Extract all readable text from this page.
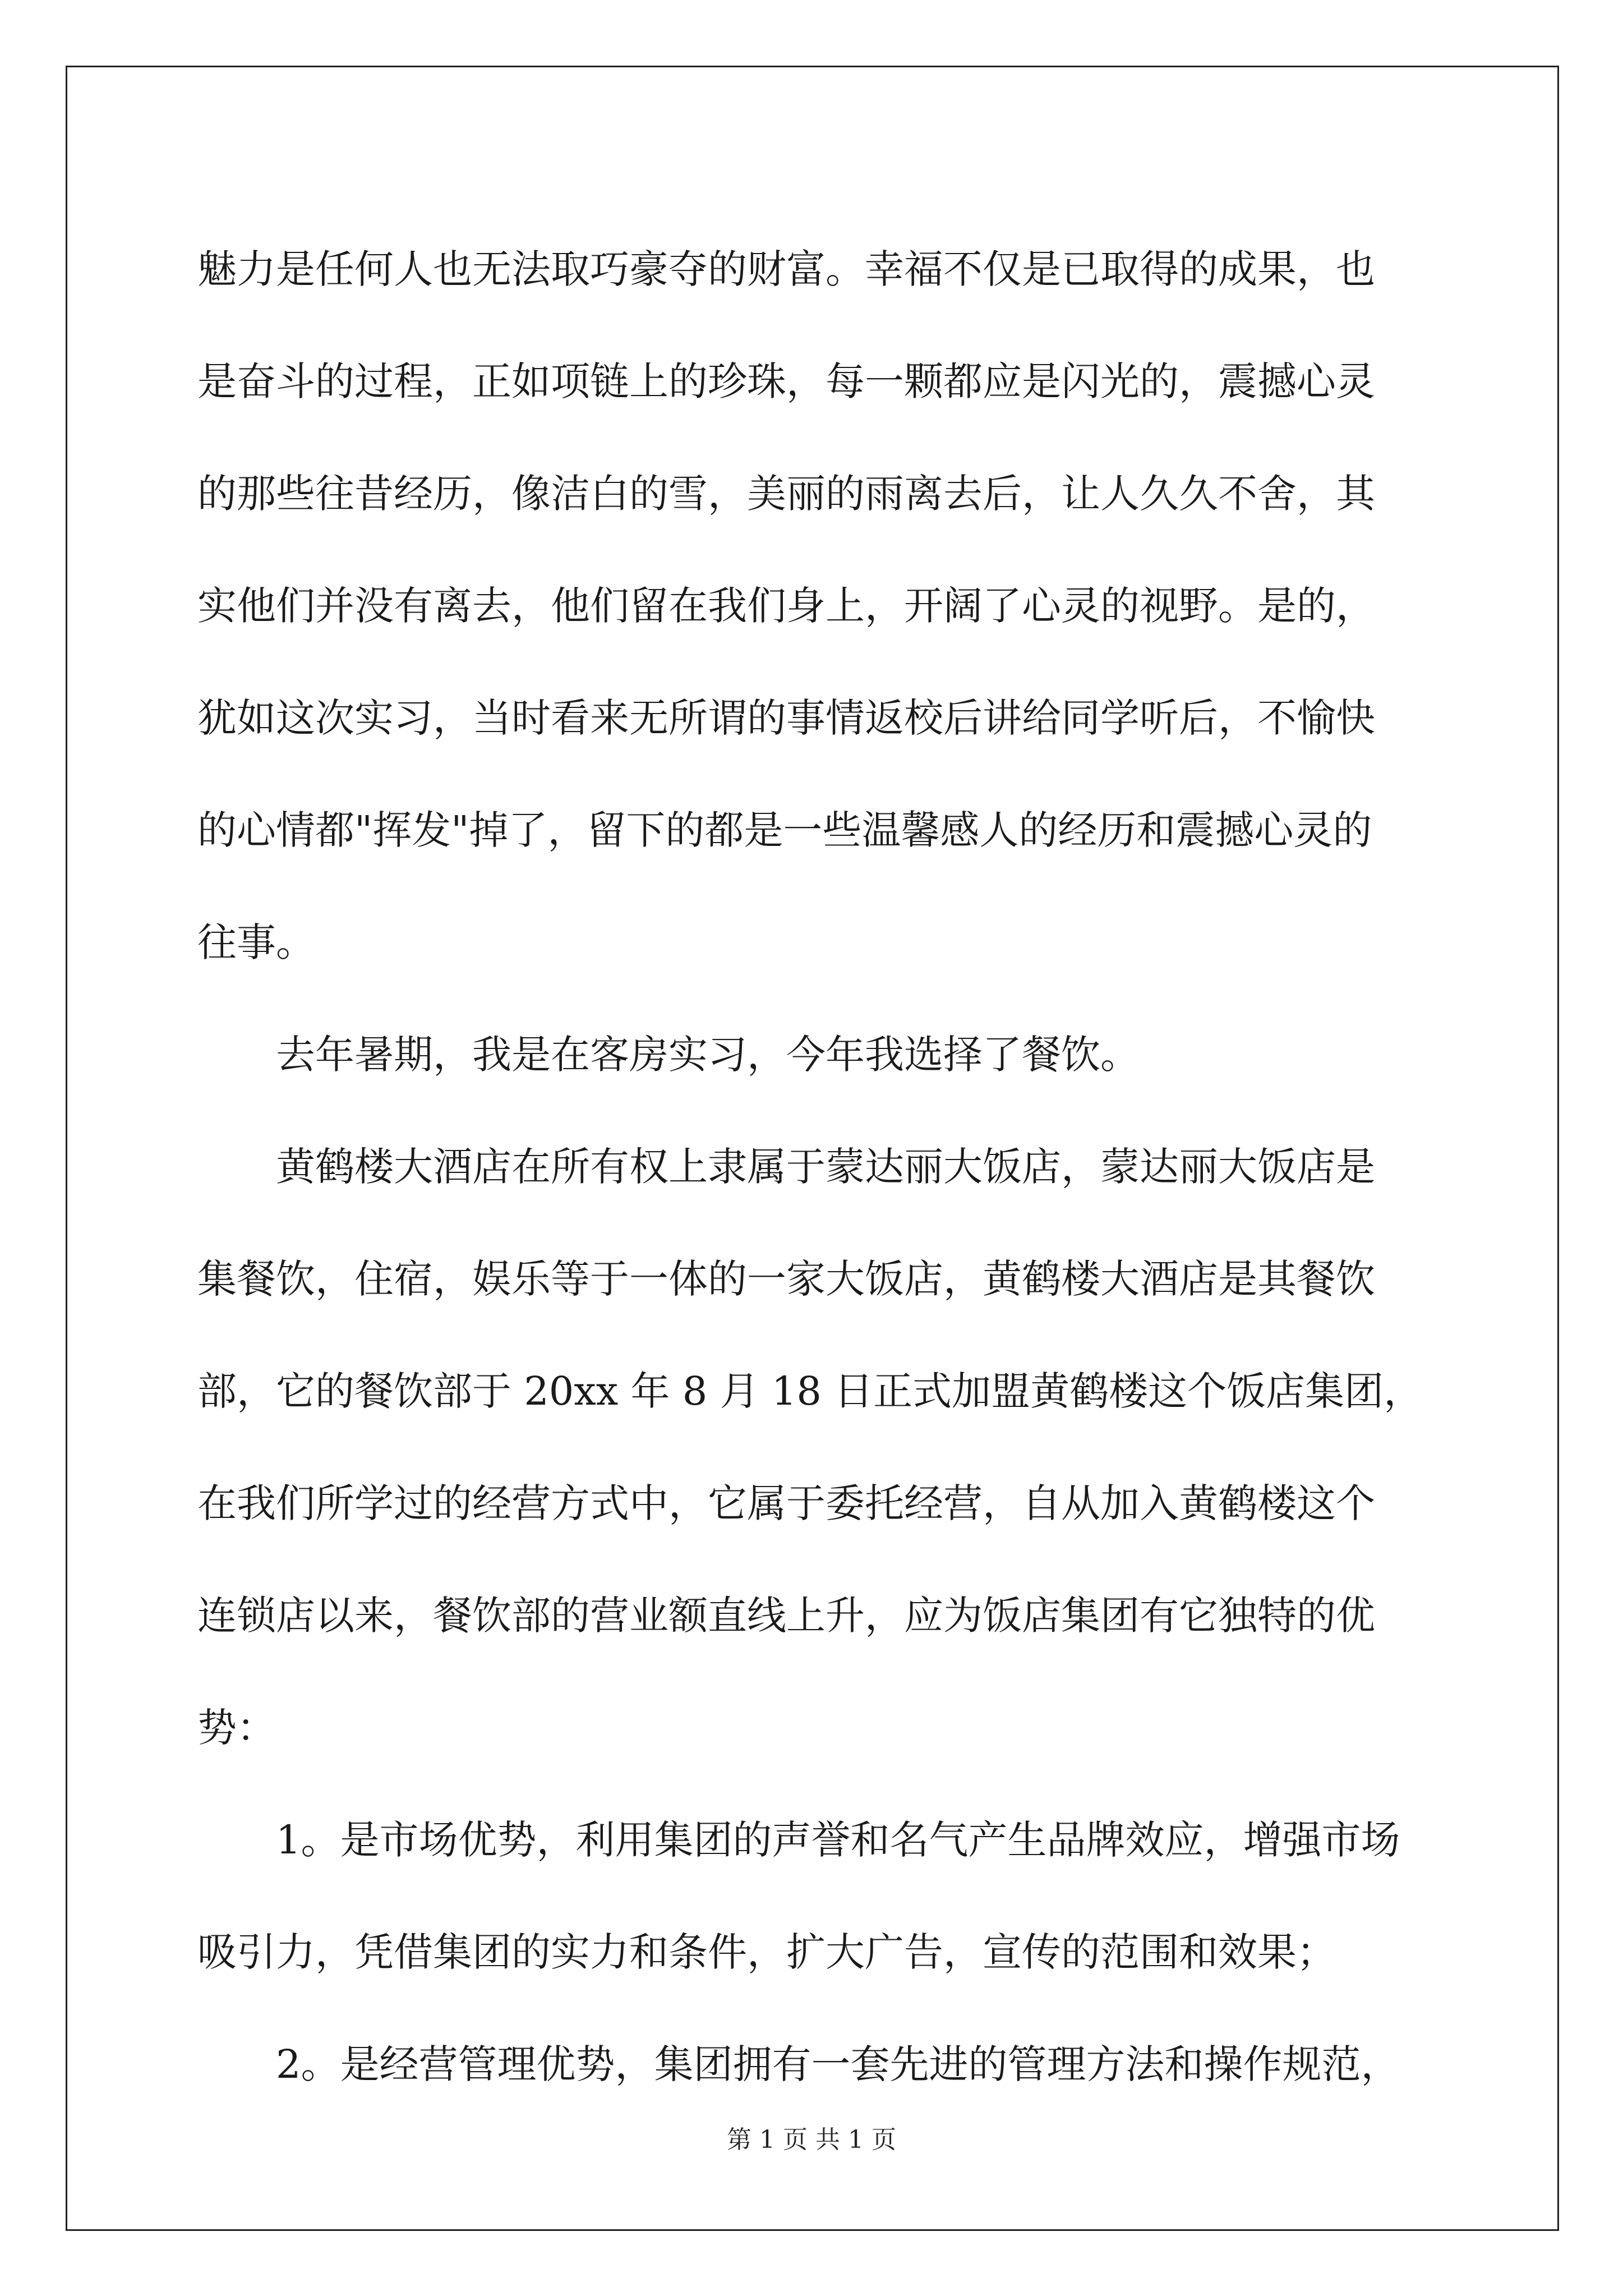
魅力是任何人也无法取巧豪夺的财富。幸福不仅是已取得的成果，也
是奋斗的过程，正如项链上的珍珠，每一颗都应是闪光的，震撼心灵
的那些往昔经历，像洁白的雪，美丽的雨离去后，让人久久不舍，其
实他们并没有离去，他们留在我们身上，开阔了心灵的视野。是的，
犹如这次实习，当时看来无所谓的事情返校后讲给同学听后，不愉快
的心情都"挥发"掉了，留下的都是一些温馨感人的经历和震撼心灵的
往事。
去年暑期，我是在客房实习，今年我选择了餐饮。
黄鹤楼大酒店在所有权上隶属于蒙达丽大饭店，蒙达丽大饭店是
集餐饮，住宿，娱乐等于一体的一家大饭店，黄鹤楼大酒店是其餐饮
部，它的餐饮部于 20xx 年 8 月 18 日正式加盟黄鹤楼这个饭店集团，
在我们所学过的经营方式中，它属于委托经营，自从加入黄鹤楼这个
连锁店以来，餐饮部的营业额直线上升，应为饭店集团有它独特的优
势：
1。是市场优势，利用集团的声誉和名气产生品牌效应，增强市场
吸引力，凭借集团的实力和条件，扩大广告，宣传的范围和效果；
2。是经营管理优势，集团拥有一套先进的管理方法和操作规范，
第 1 页 共 1 页
